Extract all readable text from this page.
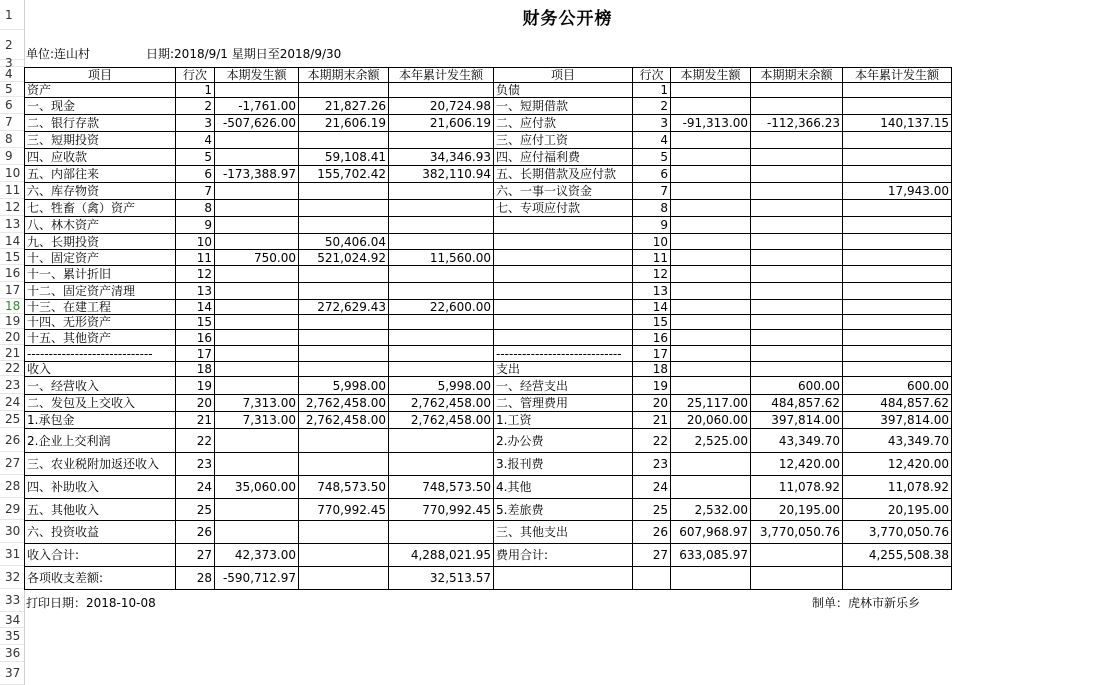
1
2
3
4
5
6
7
8
9
10
11
12
13
14
15
16
17
18
19
20
21
22
23
24
25
26
27
28
29
30
31
32
33
34
35
36
37
财务公开榜
单位:连山村	日期:2018/9/1 星期日至2018/9/30
项目	行次	本期发生额	本期期末余额	本年累计发生额	项目	行次	本期发生额	本期期末余额	本年累计发生额
资产	1				负债	1			
一、现金	2	-1,761.00	21,827.26	20,724.98	一、短期借款	2			
二、银行存款	3	-507,626.00	21,606.19	21,606.19	二、应付款	3	-91,313.00	-112,366.23	140,137.15
三、短期投资	4				三、应付工资	4			
四、应收款	5		59,108.41	34,346.93	四、应付福利费	5			
五、内部往来	6	-173,388.97	155,702.42	382,110.94	五、长期借款及应付款	6			
六、库存物资	7				六、一事一议资金	7			17,943.00
七、牲畜（禽）资产	8				七、专项应付款	8			
八、林木资产	9					9			
九、长期投资	10		50,406.04			10			
十、固定资产	11	750.00	521,024.92	11,560.00		11			
十一、累计折旧	12					12			
十二、固定资产清理	13					13			
十三、在建工程	14		272,629.43	22,600.00		14			
十四、无形资产	15					15			
十五、其他资产	16					16			
-----------------------------	17				-----------------------------	17			
收入	18				支出	18			
一、经营收入	19		5,998.00	5,998.00	一、经营支出	19		600.00	600.00
二、发包及上交收入	20	7,313.00	2,762,458.00	2,762,458.00	二、管理费用	20	25,117.00	484,857.62	484,857.62
1.承包金	21	7,313.00	2,762,458.00	2,762,458.00	1.工资	21	20,060.00	397,814.00	397,814.00
2.企业上交利润	22				2.办公费	22	2,525.00	43,349.70	43,349.70
三、农业税附加返还收入	23				3.报刊费	23		12,420.00	12,420.00
四、补助收入	24	35,060.00	748,573.50	748,573.50	4.其他	24		11,078.92	11,078.92
五、其他收入	25		770,992.45	770,992.45	5.差旅费	25	2,532.00	20,195.00	20,195.00
六、投资收益	26				三、其他支出	26	607,968.97	3,770,050.76	3,770,050.76
收入合计:	27	42,373.00		4,288,021.95	费用合计:	27	633,085.97		4,255,508.38
各项收支差额:	28	-590,712.97		32,513.57					
打印日期：2018-10-08	制单：虎林市新乐乡
